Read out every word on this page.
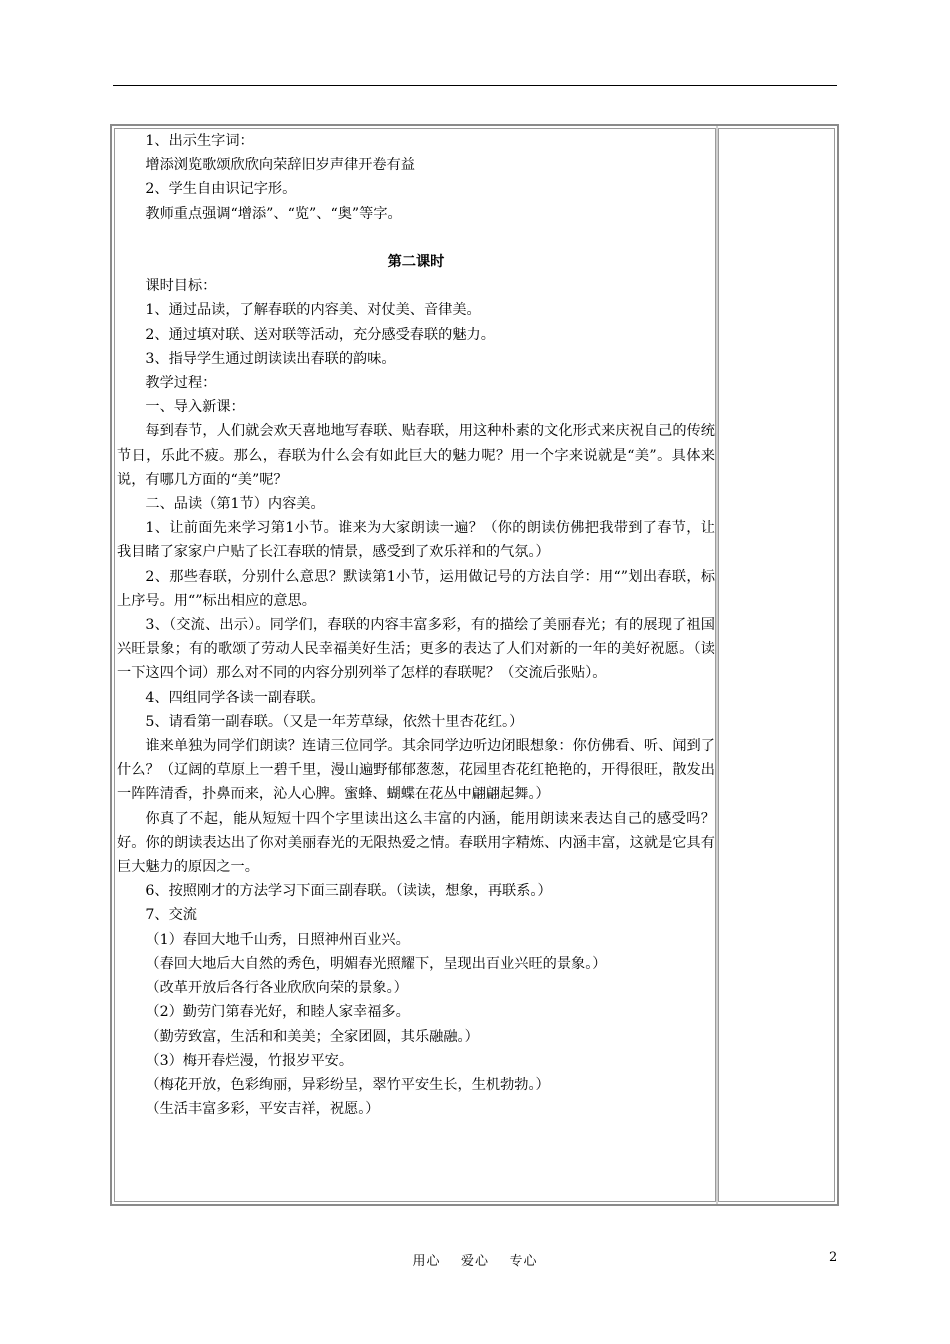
1、出示生字词：

增添浏览歌颂欣欣向荣辞旧岁声律开卷有益

2、学生自由识记字形。

教师重点强调“增添”、“览”、“奥”等字。

第二课时

课时目标：

1、通过品读，了解春联的内容美、对仗美、音律美。

2、通过填对联、送对联等活动，充分感受春联的魅力。

3、指导学生通过朗读读出春联的韵味。

教学过程：

一、导入新课：

每到春节，人们就会欢天喜地地写春联、贴春联，用这种朴素的文化形式来庆祝自己的传统节日，乐此不疲。那么，春联为什么会有如此巨大的魅力呢？用一个字来说就是“美”。具体来说，有哪几方面的“美”呢？

二、品读（第1节）内容美。

1、让前面先来学习第1小节。谁来为大家朗读一遍？（你的朗读仿佛把我带到了春节，让我目睹了家家户户贴了长江春联的情景，感受到了欢乐祥和的气氛。）

2、那些春联，分别什么意思？默读第1小节，运用做记号的方法自学：用“”划出春联，标上序号。用“”标出相应的意思。

3、（交流、出示）。同学们，春联的内容丰富多彩，有的描绘了美丽春光；有的展现了祖国兴旺景象；有的歌颂了劳动人民幸福美好生活；更多的表达了人们对新的一年的美好祝愿。（读一下这四个词）那么对不同的内容分别列举了怎样的春联呢？（交流后张贴）。

4、四组同学各读一副春联。

5、请看第一副春联。（又是一年芳草绿，依然十里杏花红。）

谁来单独为同学们朗读？连请三位同学。其余同学边听边闭眼想象：你仿佛看、听、闻到了什么？（辽阔的草原上一碧千里，漫山遍野郁郁葱葱，花园里杏花红艳艳的，开得很旺，散发出一阵阵清香，扑鼻而来，沁人心脾。蜜蜂、蝴蝶在花丛中翩翩起舞。）

你真了不起，能从短短十四个字里读出这么丰富的内涵，能用朗读来表达自己的感受吗？好。你的朗读表达出了你对美丽春光的无限热爱之情。春联用字精炼、内涵丰富，这就是它具有巨大魅力的原因之一。

6、按照刚才的方法学习下面三副春联。（读读，想象，再联系。）

7、交流

（1）春回大地千山秀，日照神州百业兴。

（春回大地后大自然的秀色，明媚春光照耀下，呈现出百业兴旺的景象。）

（改革开放后各行各业欣欣向荣的景象。）

（2）勤劳门第春光好，和睦人家幸福多。

（勤劳致富，生活和和美美；全家团圆，其乐融融。）

（3）梅开春烂漫，竹报岁平安。

（梅花开放，色彩绚丽，异彩纷呈，翠竹平安生长，生机勃勃。）

（生活丰富多彩，平安吉祥，祝愿。）

用心    爱心    专心	2
